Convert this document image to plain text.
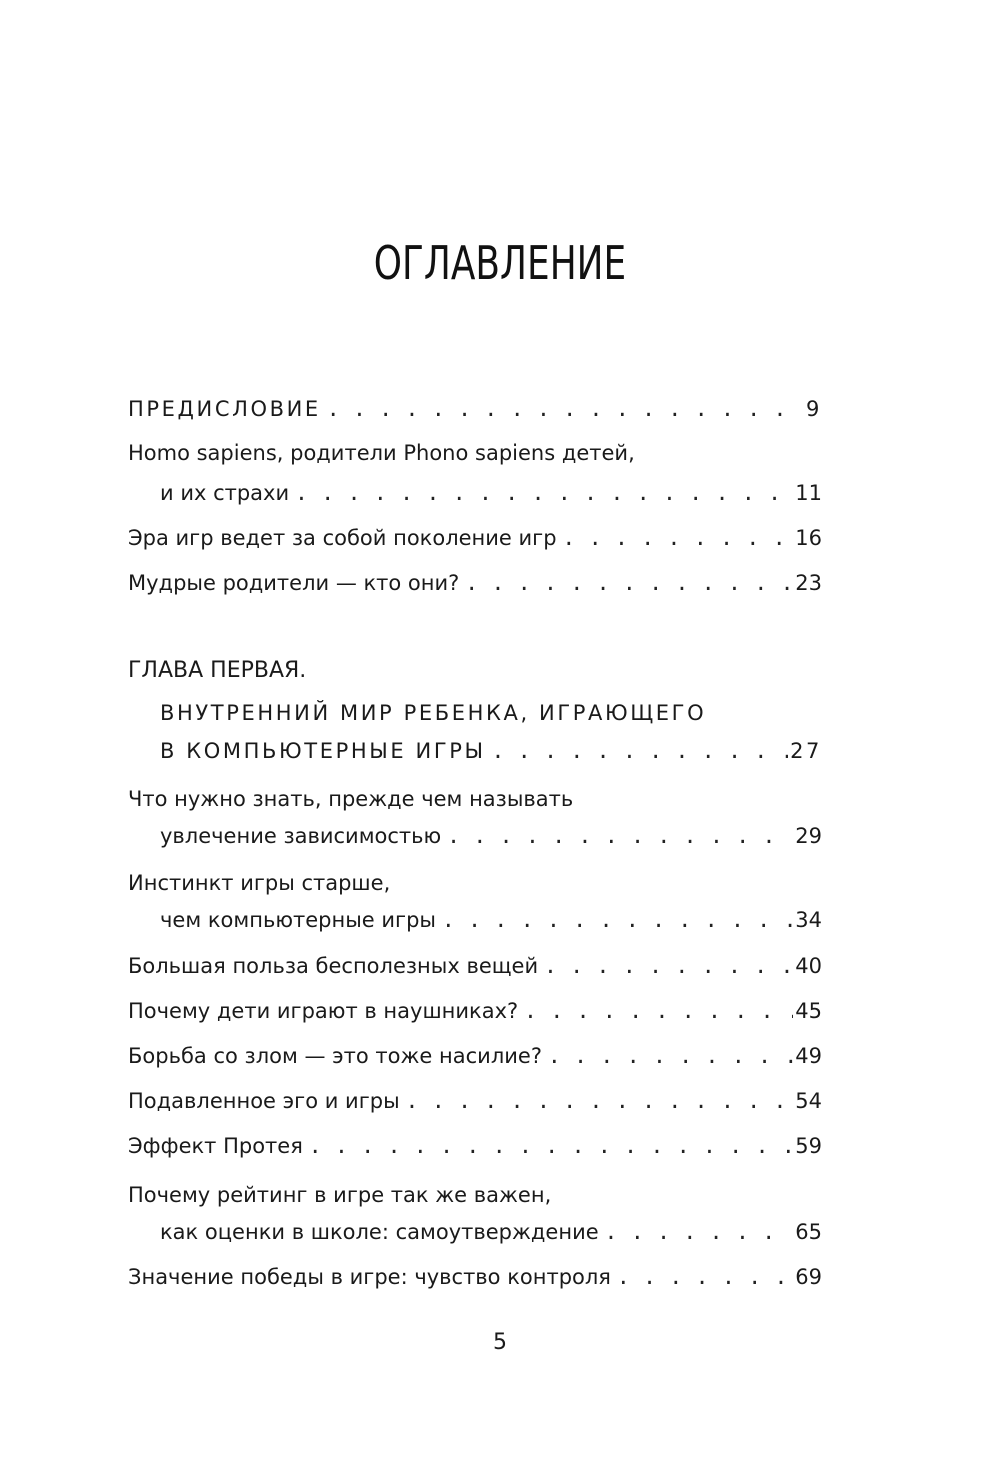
ОГЛАВЛЕНИЕ
ПРЕДИСЛОВИЕ . . .	9
Homo sapiens, родители Phono sapiens детей,
и их страхи . . .	11
Эра игр ведет за собой поколение игр . . .	16
Мудрые родители — кто они? . . .	23
ГЛАВА ПЕРВАЯ.
ВНУТРЕННИЙ МИР РЕБЕНКА, ИГРАЮЩЕГО
В КОМПЬЮТЕРНЫЕ ИГРЫ . . .	27
Что нужно знать, прежде чем называть
увлечение зависимостью . . .	29
Инстинкт игры старше,
чем компьютерные игры . . .	34
Большая польза бесполезных вещей . . .	40
Почему дети играют в наушниках? . . .	45
Борьба со злом — это тоже насилие? . . .	49
Подавленное эго и игры . . .	54
Эффект Протея . . .	59
Почему рейтинг в игре так же важен,
как оценки в школе: самоутверждение . . .	65
Значение победы в игре: чувство контроля . . .	69
5
